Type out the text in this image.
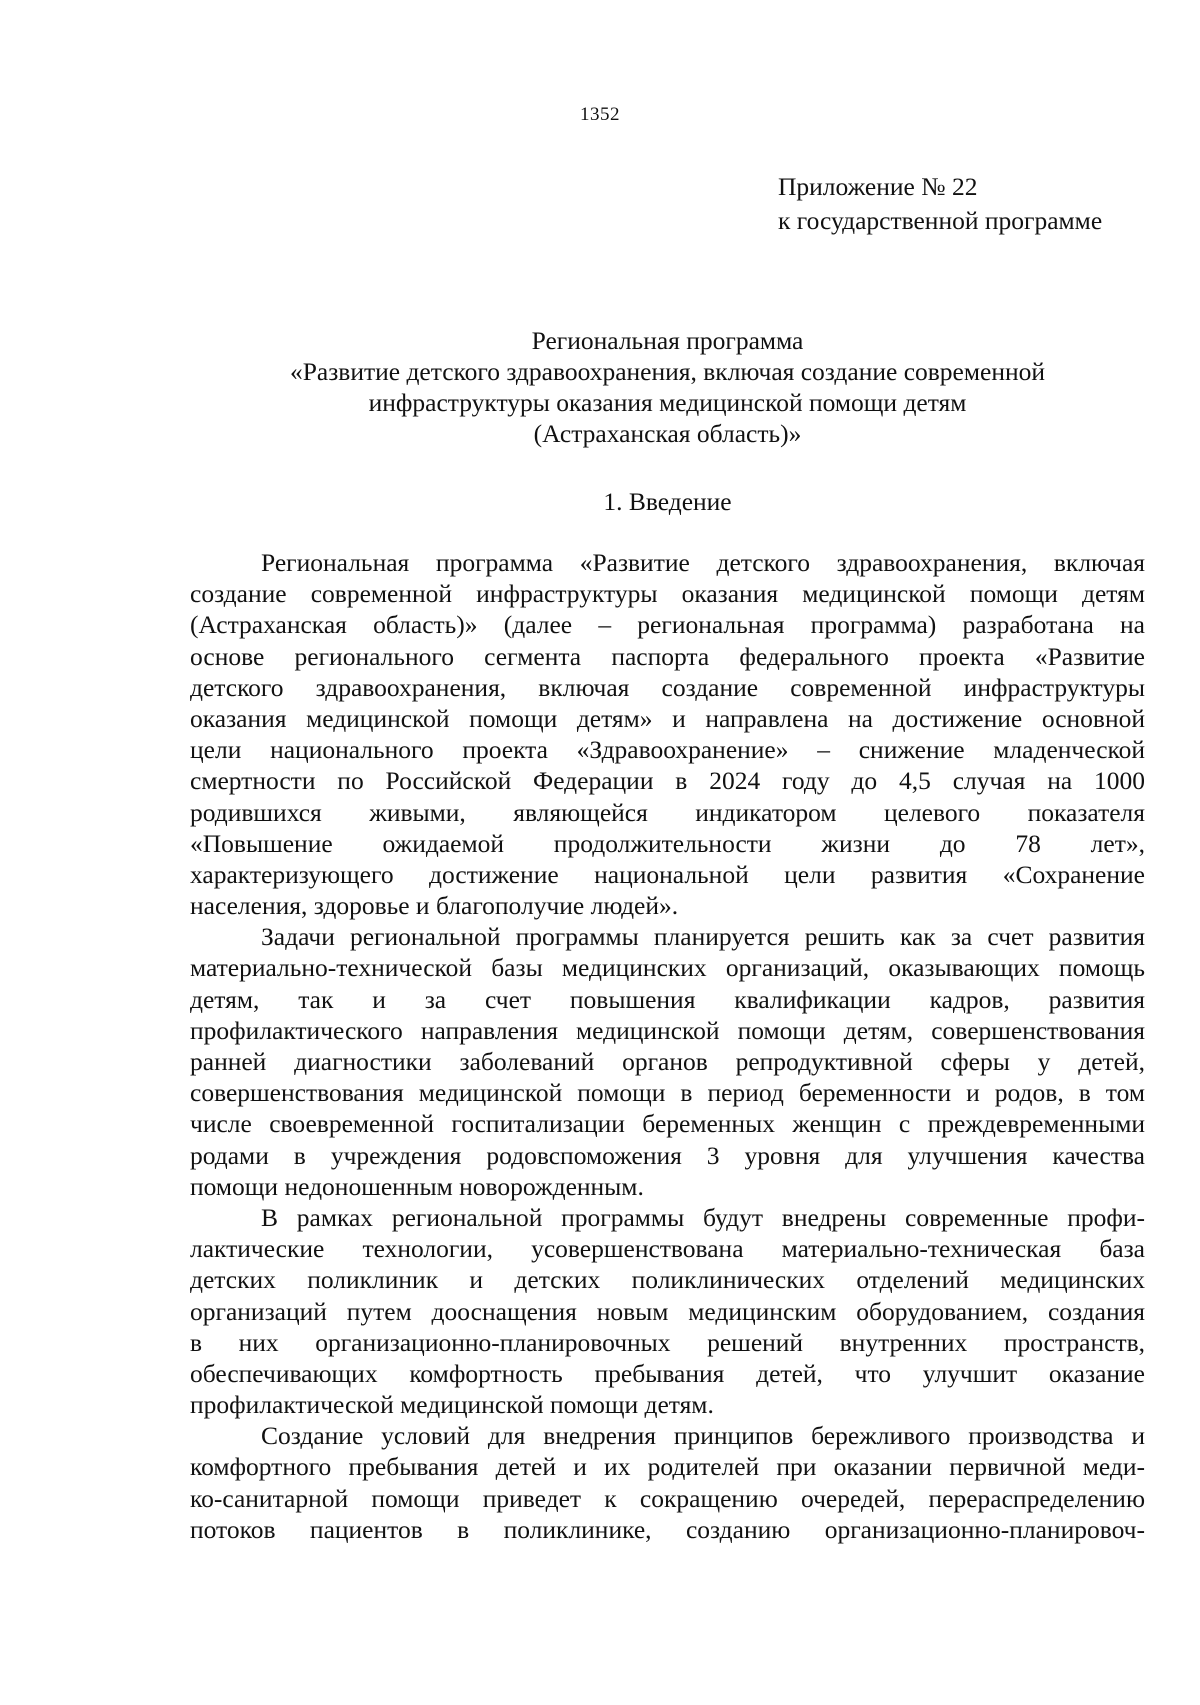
1352
Приложение № 22
к государственной программе
Региональная программа
«Развитие детского здравоохранения, включая создание современной
инфраструктуры оказания медицинской помощи детям
(Астраханская область)»
1. Введение
Региональная программа «Развитие детского здравоохранения, включая
создание современной инфраструктуры оказания медицинской помощи детям
(Астраханская область)» (далее – региональная программа) разработана на
основе регионального сегмента паспорта федерального проекта «Развитие
детского здравоохранения, включая создание современной инфраструктуры
оказания медицинской помощи детям» и направлена на достижение основной
цели национального проекта «Здравоохранение» – снижение младенческой
смертности по Российской Федерации в 2024 году до 4,5 случая на 1000
родившихся живыми, являющейся индикатором целевого показателя
«Повышение ожидаемой продолжительности жизни до 78 лет»,
характеризующего достижение национальной цели развития «Сохранение
населения, здоровье и благополучие людей».
Задачи региональной программы планируется решить как за счет развития
материально-технической базы медицинских организаций, оказывающих помощь
детям, так и за счет повышения квалификации кадров, развития
профилактического направления медицинской помощи детям, совершенствования
ранней диагностики заболеваний органов репродуктивной сферы у детей,
совершенствования медицинской помощи в период беременности и родов, в том
числе своевременной госпитализации беременных женщин с преждевременными
родами в учреждения родовспоможения 3 уровня для улучшения качества
помощи недоношенным новорожденным.
В рамках региональной программы будут внедрены современные профи-
лактические технологии, усовершенствована материально-техническая база
детских поликлиник и детских поликлинических отделений медицинских
организаций путем дооснащения новым медицинским оборудованием, создания
в них организационно-планировочных решений внутренних пространств,
обеспечивающих комфортность пребывания детей, что улучшит оказание
профилактической медицинской помощи детям.
Создание условий для внедрения принципов бережливого производства и
комфортного пребывания детей и их родителей при оказании первичной меди-
ко-санитарной помощи приведет к сокращению очередей, перераспределению
потоков пациентов в поликлинике, созданию организационно-планировоч-
